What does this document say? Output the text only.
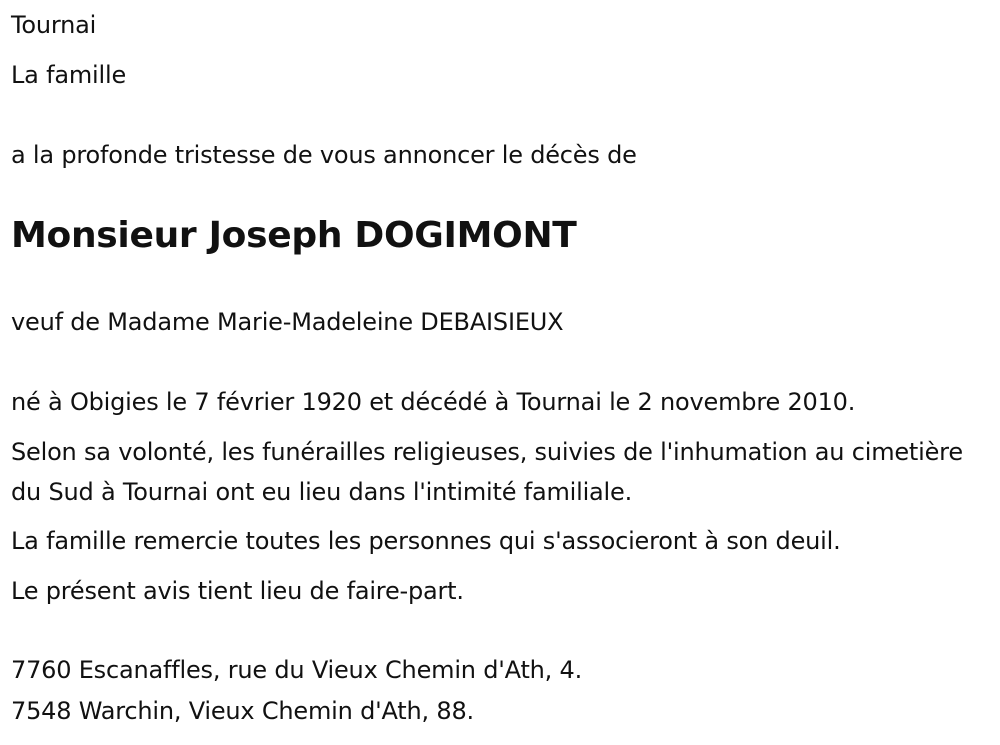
Tournai
La famille
a la profonde tristesse de vous annoncer le décès de
Monsieur Joseph DOGIMONT
veuf de Madame Marie-Madeleine DEBAISIEUX
né à Obigies le 7 février 1920 et décédé à Tournai le 2 novembre 2010.
Selon sa volonté, les funérailles religieuses, suivies de l'inhumation au cimetière du Sud à Tournai ont eu lieu dans l'intimité familiale.
La famille remercie toutes les personnes qui s'associeront à son deuil.
Le présent avis tient lieu de faire-part.
7760 Escanaffles, rue du Vieux Chemin d'Ath, 4.
7548 Warchin, Vieux Chemin d'Ath, 88.
